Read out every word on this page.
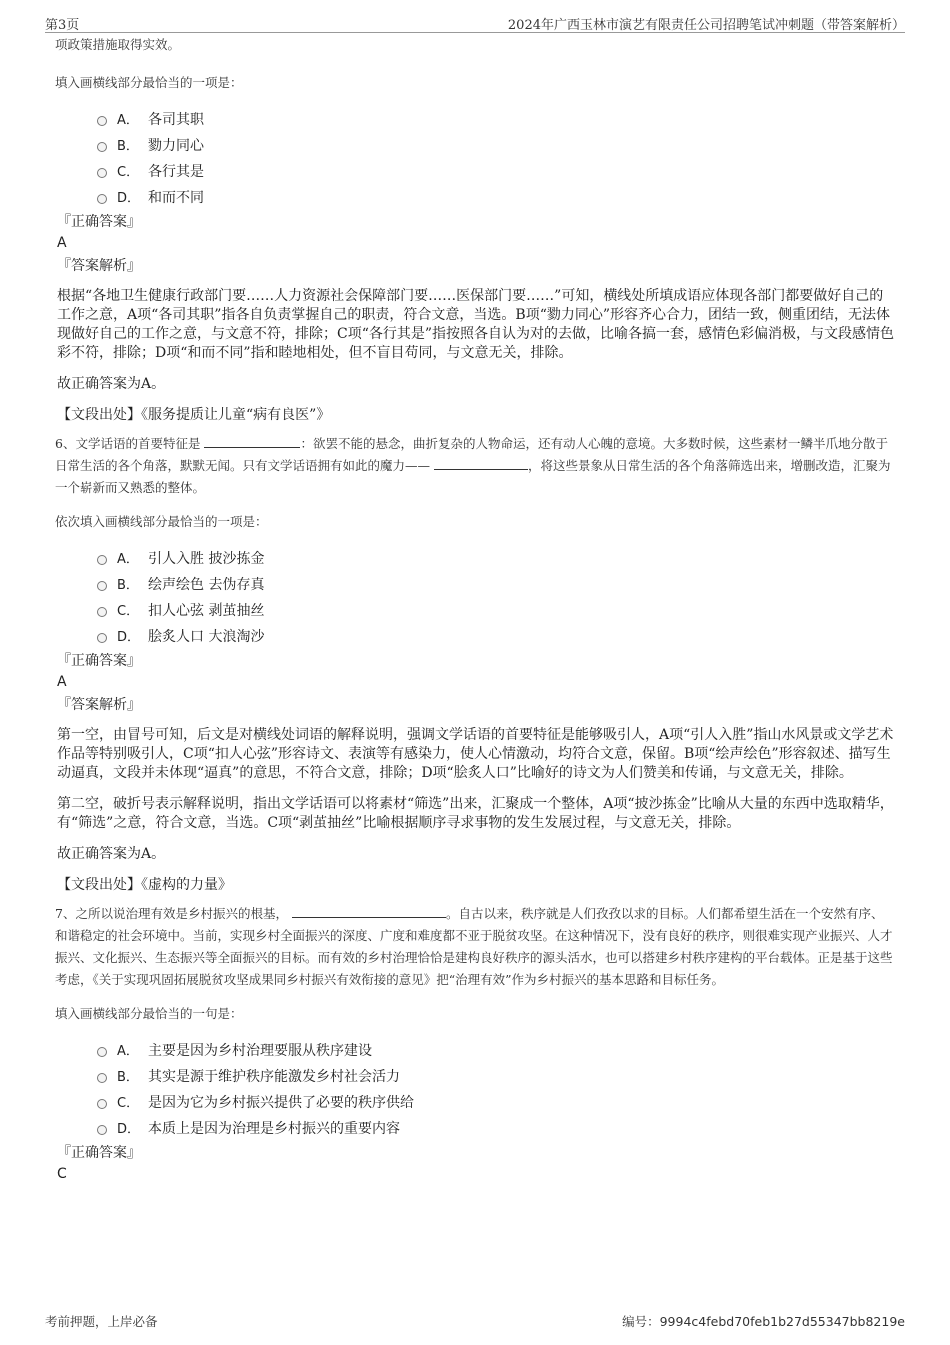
第3页	2024年广西玉林市演艺有限责任公司招聘笔试冲刺题（带答案解析）
项政策措施取得实效。
填入画横线部分最恰当的一项是：
A． 各司其职
B． 勠力同心
C． 各行其是
D． 和而不同
『正确答案』
A
『答案解析』
根据“各地卫生健康行政部门要……人力资源社会保障部门要……医保部门要……”可知，横线处所填成语应体现各部门都要做好自己的工作之意，A项“各司其职”指各自负责掌握自己的职责，符合文意，当选。B项“勠力同心”形容齐心合力，团结一致，侧重团结，无法体现做好自己的工作之意，与文意不符，排除；C项“各行其是”指按照各自认为对的去做，比喻各搞一套，感情色彩偏消极，与文段感情色彩不符，排除；D项“和而不同”指和睦地相处，但不盲目苟同，与文意无关，排除。
故正确答案为A。
【文段出处】《服务提质让儿童“病有良医”》
6、文学话语的首要特征是	：欲罢不能的悬念，曲折复杂的人物命运，还有动人心魄的意境。大多数时候，这些素材一鳞半爪地分散于日常生活的各个角落，默默无闻。只有文学话语拥有如此的魔力——	，将这些景象从日常生活的各个角落筛选出来，增删改造，汇聚为一个崭新而又熟悉的整体。
依次填入画横线部分最恰当的一项是：
A． 引人入胜 披沙拣金
B． 绘声绘色 去伪存真
C． 扣人心弦 剥茧抽丝
D． 脍炙人口 大浪淘沙
『正确答案』
A
『答案解析』
第一空，由冒号可知，后文是对横线处词语的解释说明，强调文学话语的首要特征是能够吸引人，A项“引人入胜”指山水风景或文学艺术作品等特别吸引人，C项“扣人心弦”形容诗文、表演等有感染力，使人心情激动，均符合文意，保留。B项“绘声绘色”形容叙述、描写生动逼真，文段并未体现“逼真”的意思，不符合文意，排除；D项“脍炙人口”比喻好的诗文为人们赞美和传诵，与文意无关，排除。
第二空，破折号表示解释说明，指出文学话语可以将素材“筛选”出来，汇聚成一个整体，A项“披沙拣金”比喻从大量的东西中选取精华，有“筛选”之意，符合文意，当选。C项“剥茧抽丝”比喻根据顺序寻求事物的发生发展过程，与文意无关，排除。
故正确答案为A。
【文段出处】《虚构的力量》
7、之所以说治理有效是乡村振兴的根基，	。自古以来，秩序就是人们孜孜以求的目标。人们都希望生活在一个安然有序、和谐稳定的社会环境中。当前，实现乡村全面振兴的深度、广度和难度都不亚于脱贫攻坚。在这种情况下，没有良好的秩序，则很难实现产业振兴、人才振兴、文化振兴、生态振兴等全面振兴的目标。而有效的乡村治理恰恰是建构良好秩序的源头活水，也可以搭建乡村秩序建构的平台载体。正是基于这些考虑，《关于实现巩固拓展脱贫攻坚成果同乡村振兴有效衔接的意见》把“治理有效”作为乡村振兴的基本思路和目标任务。
填入画横线部分最恰当的一句是：
A． 主要是因为乡村治理要服从秩序建设
B． 其实是源于维护秩序能激发乡村社会活力
C． 是因为它为乡村振兴提供了必要的秩序供给
D． 本质上是因为治理是乡村振兴的重要内容
『正确答案』
C
考前押题，上岸必备	编号：9994c4febd70feb1b27d55347bb8219e
